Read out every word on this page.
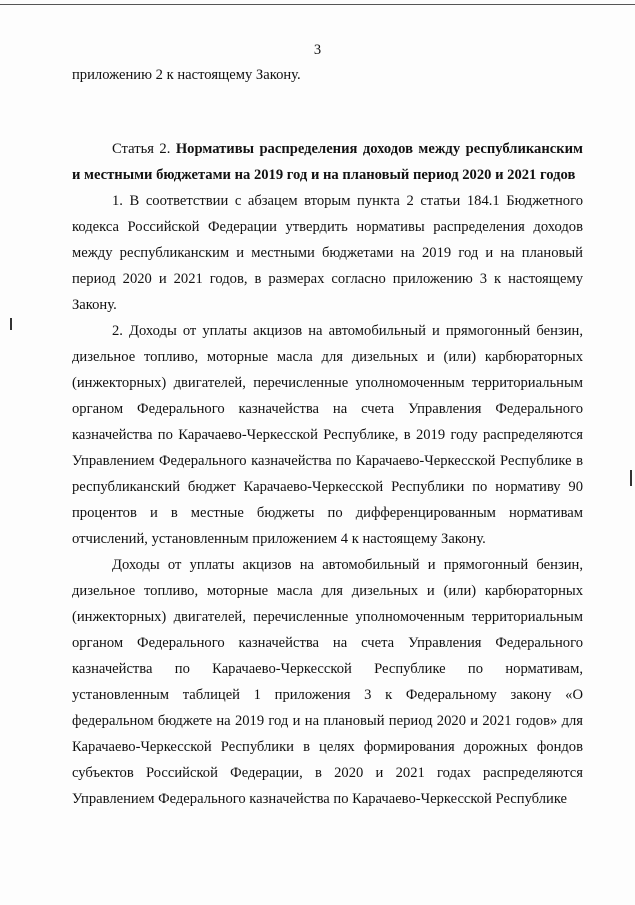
3

приложению 2 к настоящему Закону.

Статья 2. Нормативы распределения доходов между республиканским и местными бюджетами на 2019 год и на плановый период 2020 и 2021 годов

1. В соответствии с абзацем вторым пункта 2 статьи 184.1 Бюджетного кодекса Российской Федерации утвердить нормативы распределения доходов между республиканским и местными бюджетами на 2019 год и на плановый период 2020 и 2021 годов, в размерах согласно приложению 3 к настоящему Закону.

2. Доходы от уплаты акцизов на автомобильный и прямогонный бензин, дизельное топливо, моторные масла для дизельных и (или) карбюраторных (инжекторных) двигателей, перечисленные уполномоченным территориальным органом Федерального казначейства на счета Управления Федерального казначейства по Карачаево-Черкесской Республике, в 2019 году распределяются Управлением Федерального казначейства по Карачаево-Черкесской Республике в республиканский бюджет Карачаево-Черкесской Республики по нормативу 90 процентов и в местные бюджеты по дифференцированным нормативам отчислений, установленным приложением 4 к настоящему Закону.

Доходы от уплаты акцизов на автомобильный и прямогонный бензин, дизельное топливо, моторные масла для дизельных и (или) карбюраторных (инжекторных) двигателей, перечисленные уполномоченным территориальным органом Федерального казначейства на счета Управления Федерального казначейства по Карачаево-Черкесской Республике по нормативам, установленным таблицей 1 приложения 3 к Федеральному закону «О федеральном бюджете на 2019 год и на плановый период 2020 и 2021 годов» для Карачаево-Черкесской Республики в целях формирования дорожных фондов субъектов Российской Федерации, в 2020 и 2021 годах распределяются Управлением Федерального казначейства по Карачаево-Черкесской Республике
